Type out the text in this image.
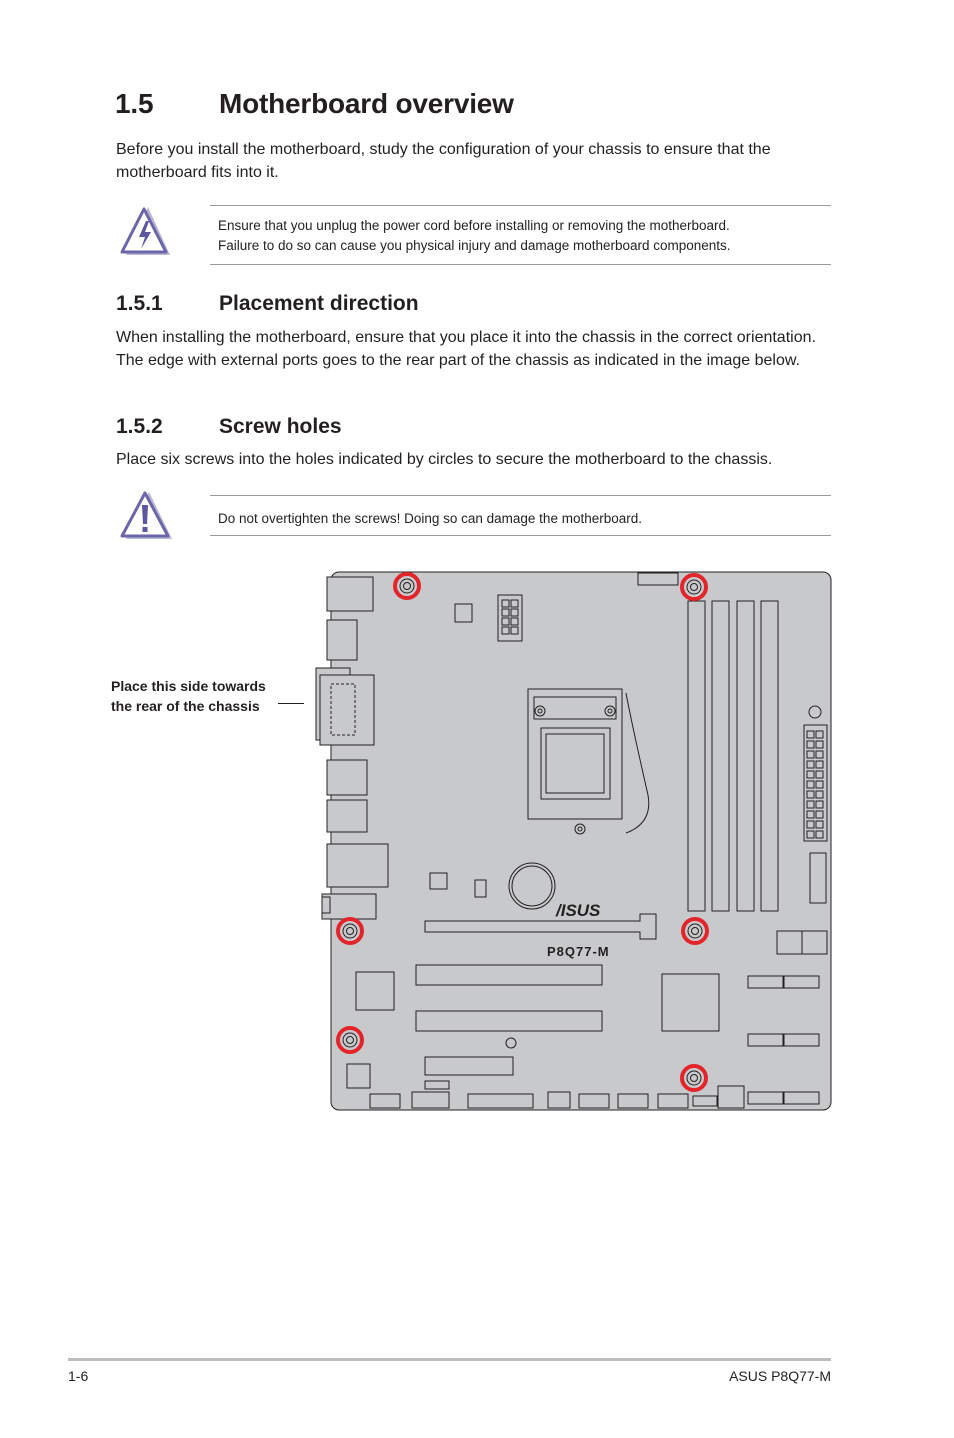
1.5 Motherboard overview

Before you install the motherboard, study the configuration of your chassis to ensure that the motherboard fits into it.

Ensure that you unplug the power cord before installing or removing the motherboard.

Failure to do so can cause you physical injury and damage motherboard components.

1.5.1	Placement direction

When installing the motherboard, ensure that you place it into the chassis in the correct orientation. The edge with external ports goes to the rear part of the chassis as indicated in the image below.

1.5.2	Screw holes

Place six screws into the holes indicated by circles to secure the motherboard to the chassis.

Do not overtighten the screws! Doing so can damage the motherboard.

Place this side towards
the rear of the chassis

/ISUS
P8Q77-M
1-6	ASUS P8Q77-M
